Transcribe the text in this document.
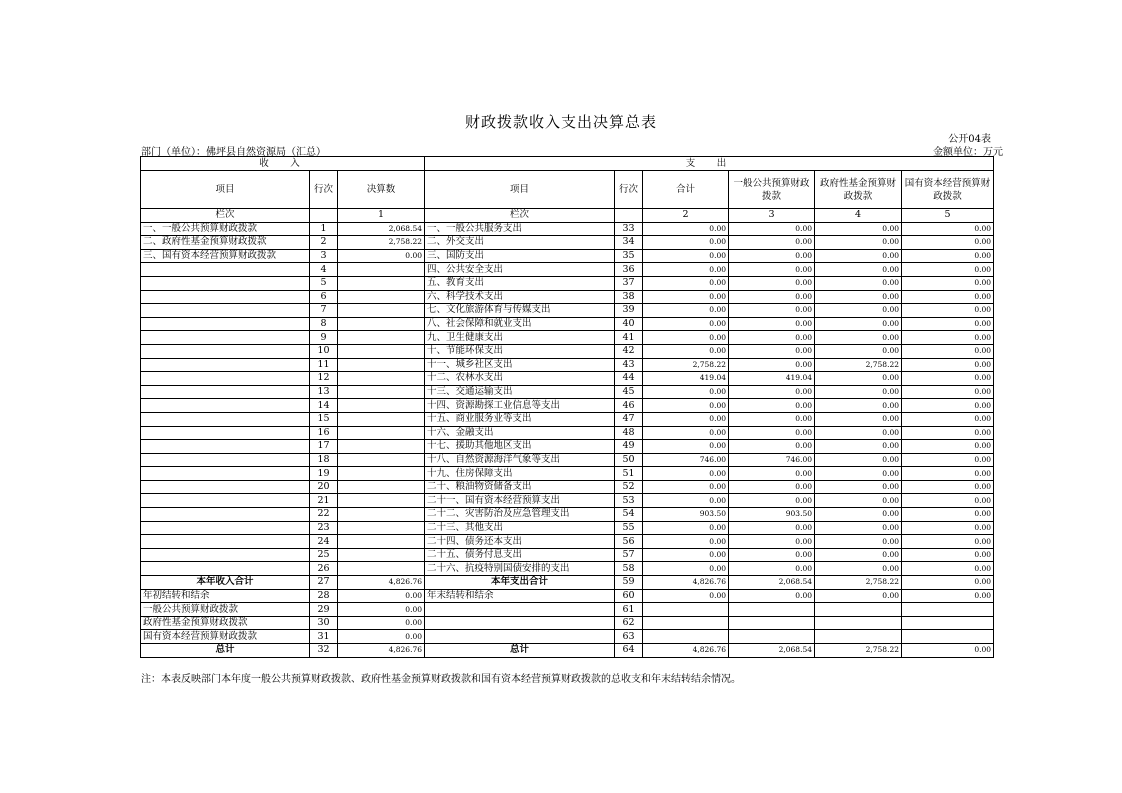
财政拨款收入支出决算总表
公开04表
部门（单位）：佛坪县自然资源局（汇总）	金额单位：万元
收　入			支　出					
项目	行次	决算数	项目	行次	合计	一般公共预算财政拨款	政府性基金预算财政拨款	国有资本经营预算财政拨款
栏次		1	栏次		2	3	4	5
一、一般公共预算财政拨款	1	2,068.54	一、一般公共服务支出	33	0.00	0.00	0.00	0.00
二、政府性基金预算财政拨款	2	2,758.22	二、外交支出	34	0.00	0.00	0.00	0.00
三、国有资本经营预算财政拨款	3	0.00	三、国防支出	35	0.00	0.00	0.00	0.00
	4		四、公共安全支出	36	0.00	0.00	0.00	0.00
	5		五、教育支出	37	0.00	0.00	0.00	0.00
	6		六、科学技术支出	38	0.00	0.00	0.00	0.00
	7		七、文化旅游体育与传媒支出	39	0.00	0.00	0.00	0.00
	8		八、社会保障和就业支出	40	0.00	0.00	0.00	0.00
	9		九、卫生健康支出	41	0.00	0.00	0.00	0.00
	10		十、节能环保支出	42	0.00	0.00	0.00	0.00
	11		十一、城乡社区支出	43	2,758.22	0.00	2,758.22	0.00
	12		十二、农林水支出	44	419.04	419.04	0.00	0.00
	13		十三、交通运输支出	45	0.00	0.00	0.00	0.00
	14		十四、资源勘探工业信息等支出	46	0.00	0.00	0.00	0.00
	15		十五、商业服务业等支出	47	0.00	0.00	0.00	0.00
	16		十六、金融支出	48	0.00	0.00	0.00	0.00
	17		十七、援助其他地区支出	49	0.00	0.00	0.00	0.00
	18		十八、自然资源海洋气象等支出	50	746.00	746.00	0.00	0.00
	19		十九、住房保障支出	51	0.00	0.00	0.00	0.00
	20		二十、粮油物资储备支出	52	0.00	0.00	0.00	0.00
	21		二十一、国有资本经营预算支出	53	0.00	0.00	0.00	0.00
	22		二十二、灾害防治及应急管理支出	54	903.50	903.50	0.00	0.00
	23		二十三、其他支出	55	0.00	0.00	0.00	0.00
	24		二十四、债务还本支出	56	0.00	0.00	0.00	0.00
	25		二十五、债务付息支出	57	0.00	0.00	0.00	0.00
	26		二十六、抗疫特别国债安排的支出	58	0.00	0.00	0.00	0.00
本年收入合计	27	4,826.76	本年支出合计	59	4,826.76	2,068.54	2,758.22	0.00
年初结转和结余	28	0.00	年末结转和结余	60	0.00	0.00	0.00	0.00
一般公共预算财政拨款	29	0.00		61				
政府性基金预算财政拨款	30	0.00		62				
国有资本经营预算财政拨款	31	0.00		63				
总计	32	4,826.76	总计	64	4,826.76	2,068.54	2,758.22	0.00
注：本表反映部门本年度一般公共预算财政拨款、政府性基金预算财政拨款和国有资本经营预算财政拨款的总收支和年末结转结余情况。
